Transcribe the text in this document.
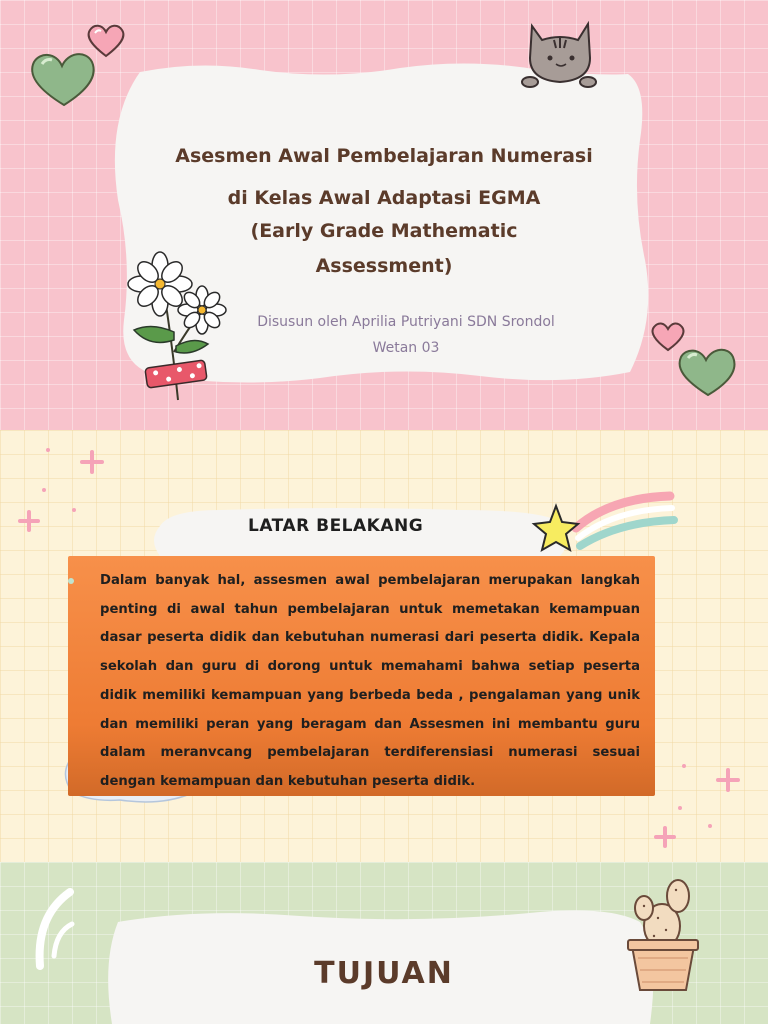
Asesmen Awal Pembelajaran Numerasi
di Kelas Awal Adaptasi EGMA
(Early Grade Mathematic
Assessment)
Disusun oleh Aprilia Putriyani SDN Srondol
Wetan 03
LATAR BELAKANG
Dalam banyak hal, assesmen awal pembelajaran merupakan langkah penting di awal tahun pembelajaran untuk memetakan kemampuan dasar peserta didik dan kebutuhan numerasi dari peserta didik. Kepala sekolah dan guru di dorong untuk memahami bahwa setiap peserta didik memiliki kemampuan yang berbeda beda , pengalaman yang unik dan memiliki peran yang beragam dan Assesmen ini membantu guru dalam meranvcang pembelajaran terdiferensiasi numerasi sesuai dengan kemampuan dan kebutuhan peserta didik.
TUJUAN
